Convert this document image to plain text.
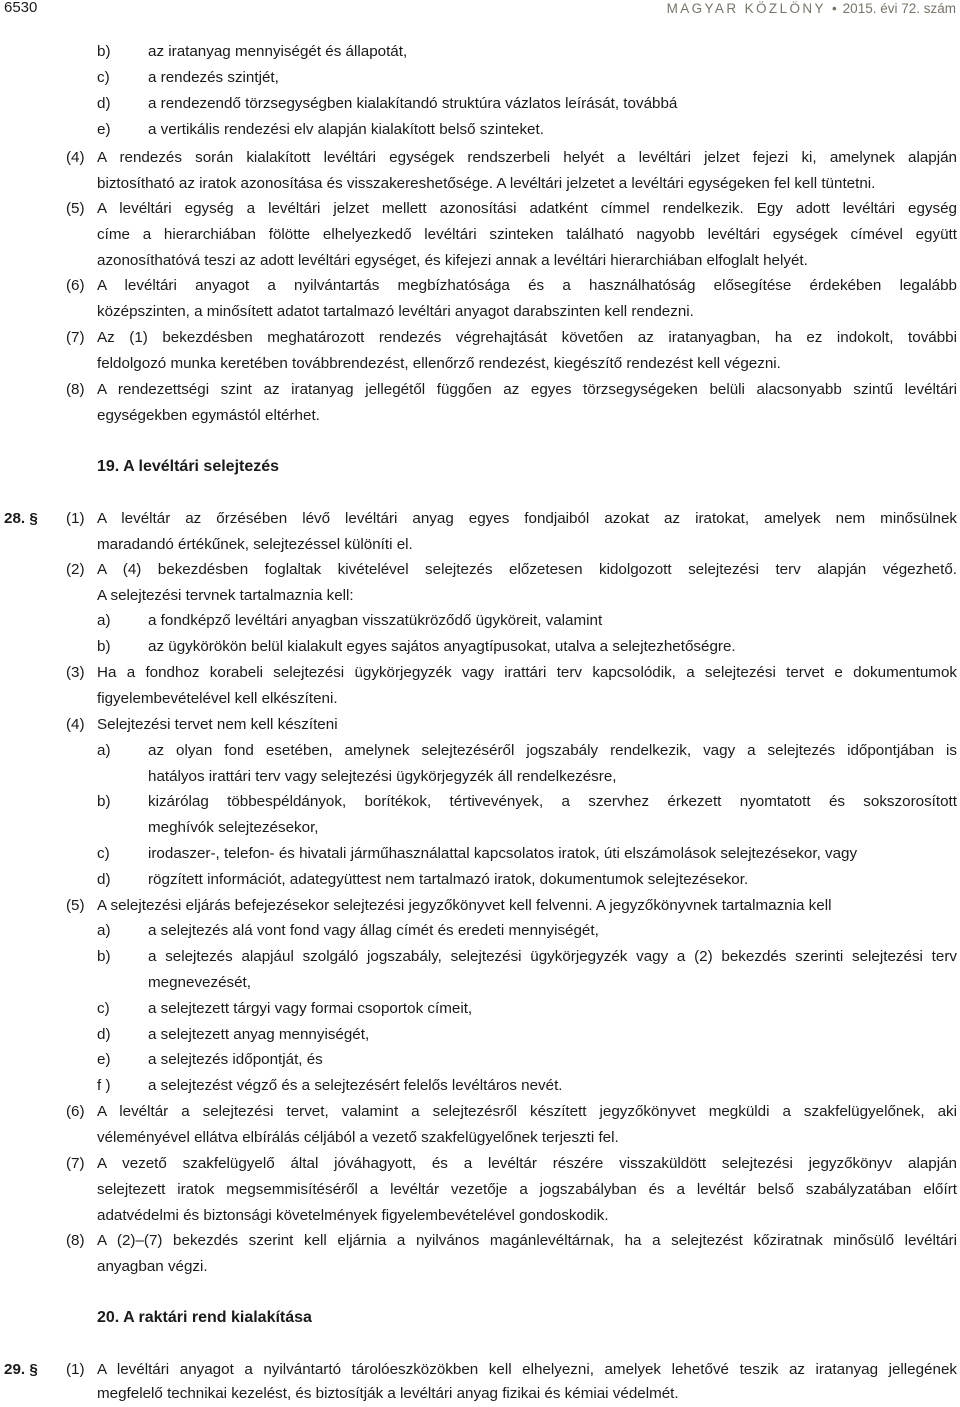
6530	MAGYAR KÖZLÖNY • 2015. évi 72. szám
b) az iratanyag mennyiségét és állapotát,
c)	a rendezés szintjét,
d) a rendezendő törzsegységben kialakítandó struktúra vázlatos leírását, továbbá
e) a vertikális rendezési elv alapján kialakított belső szinteket.
(4) A rendezés során kialakított levéltári egységek rendszerbeli helyét a levéltári jelzet fejezi ki, amelynek alapján
biztosítható az iratok azonosítása és visszakereshetősége. A levéltári jelzetet a levéltári egységeken fel kell tüntetni.
(5) A levéltári egység a levéltári jelzet mellett azonosítási adatként címmel rendelkezik. Egy adott levéltári egység
címe a hierarchiában fölötte elhelyezkedő levéltári szinteken található nagyobb levéltári egységek címével együtt
azonosíthatóvá teszi az adott levéltári egységet, és kifejezi annak a levéltári hierarchiában elfoglalt helyét.
(6) A levéltári anyagot a nyilvántartás megbízhatósága és a használhatóság elősegítése érdekében legalább
középszinten, a minősített adatot tartalmazó levéltári anyagot darabszinten kell rendezni.
(7) Az (1) bekezdésben meghatározott rendezés végrehajtását követően az iratanyagban, ha ez indokolt, további
feldolgozó munka keretében továbbrendezést, ellenőrző rendezést, kiegészítő rendezést kell végezni.
(8) A rendezettségi szint az iratanyag jellegétől függően az egyes törzsegységeken belüli alacsonyabb szintű levéltári
egységekben egymástól eltérhet.
19. A levéltári selejtezés
28. § (1) A levéltár az őrzésében lévő levéltári anyag egyes fondjaiból azokat az iratokat, amelyek nem minősülnek
maradandó értékűnek, selejtezéssel különíti el.
(2) A (4) bekezdésben foglaltak kivételével selejtezés előzetesen kidolgozott selejtezési terv alapján végezhető.
A selejtezési tervnek tartalmaznia kell:
a) a fondképző levéltári anyagban visszatükröződő ügyköreit, valamint
b) az ügykörökön belül kialakult egyes sajátos anyagtípusokat, utalva a selejtezhetőségre.
(3) Ha a fondhoz korabeli selejtezési ügykörjegyzék vagy irattári terv kapcsolódik, a selejtezési tervet e dokumentumok
figyelembevételével kell elkészíteni.
(4) Selejtezési tervet nem kell készíteni
a) az olyan fond esetében, amelynek selejtezéséről jogszabály rendelkezik, vagy a selejtezés időpontjában is
hatályos irattári terv vagy selejtezési ügykörjegyzék áll rendelkezésre,
b) kizárólag többespéldányok, borítékok, tértivevények, a szervhez érkezett nyomtatott és sokszorosított
meghívók selejtezésekor,
c)	irodaszer-, telefon- és hivatali járműhasználattal kapcsolatos iratok, úti elszámolások selejtezésekor, vagy
d) rögzített információt, adategyüttest nem tartalmazó iratok, dokumentumok selejtezésekor.
(5) A selejtezési eljárás befejezésekor selejtezési jegyzőkönyvet kell felvenni. A jegyzőkönyvnek tartalmaznia kell
a) a selejtezés alá vont fond vagy állag címét és eredeti mennyiségét,
b) a selejtezés alapjául szolgáló jogszabály, selejtezési ügykörjegyzék vagy a (2) bekezdés szerinti selejtezési terv
megnevezését,
c)	a selejtezett tárgyi vagy formai csoportok címeit,
d) a selejtezett anyag mennyiségét,
e) a selejtezés időpontját, és
f ) a selejtezést végző és a selejtezésért felelős levéltáros nevét.
(6) A levéltár a selejtezési tervet, valamint a selejtezésről készített jegyzőkönyvet megküldi a szakfelügyelőnek, aki
véleményével ellátva elbírálás céljából a vezető szakfelügyelőnek terjeszti fel.
(7) A vezető szakfelügyelő által jóváhagyott, és a levéltár részére visszaküldött selejtezési jegyzőkönyv alapján
selejtezett iratok megsemmisítéséről a levéltár vezetője a jogszabályban és a levéltár belső szabályzatában előírt
adatvédelmi és biztonsági követelmények figyelembevételével gondoskodik.
(8) A (2)–(7) bekezdés szerint kell eljárnia a nyilvános magánlevéltárnak, ha a selejtezést kőziratnak minősülő levéltári
anyagban végzi.
20. A raktári rend kialakítása
29. § (1) A levéltári anyagot a nyilvántartó tárolóeszközökben kell elhelyezni, amelyek lehetővé teszik az iratanyag jellegének
megfelelő technikai kezelést, és biztosítják a levéltári anyag fizikai és kémiai védelmét.
